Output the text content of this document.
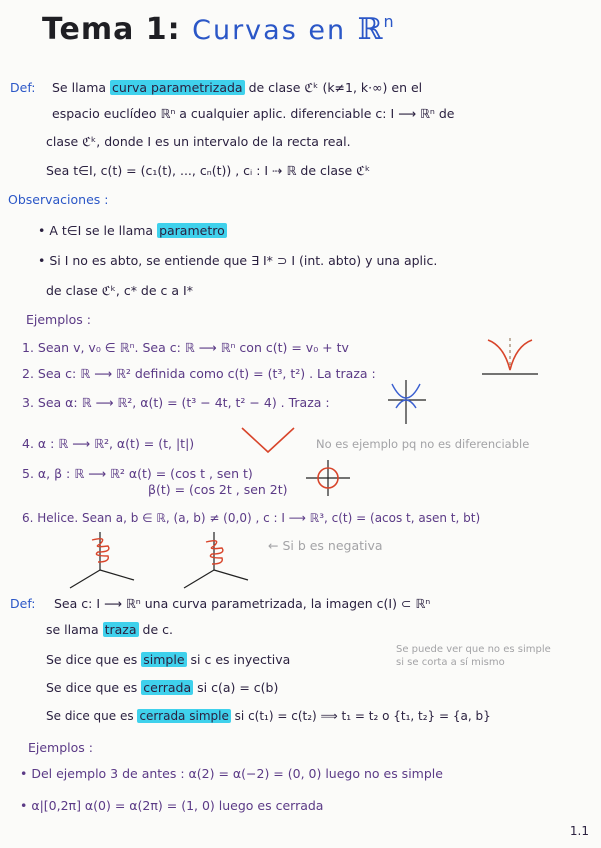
Tema 1: Curvas en ℝ$^n$
Def: Se llama curva parametrizada de clase ℭᵏ (k≠1, k·∞) en el
espacio euclídeo ℝⁿ a cualquier aplic. diferenciable c: I ⟶ ℝⁿ de
clase ℭᵏ, donde I es un intervalo de la recta real.
Sea t∈I, c(t) = (c₁(t), ..., cₙ(t)) , cᵢ : I ⇢ ℝ de clase ℭᵏ
Observaciones :
• A t∈I se le llama parametro
• Si I no es abto, se entiende que ∃ I* ⊃ I (int. abto) y una aplic.
de clase ℭᵏ, c* de c a I*
Ejemplos :
1. Sean v, v₀ ∈ ℝⁿ. Sea c: ℝ ⟶ ℝⁿ con c(t) = v₀ + tv
2. Sea c: ℝ ⟶ ℝ² definida como c(t) = (t³, t²) . La traza :
3. Sea α: ℝ ⟶ ℝ², α(t) = (t³ − 4t, t² − 4) . Traza :
4. α : ℝ ⟶ ℝ², α(t) = (t, |t|)	No es ejemplo pq no es diferenciable
5. α, β : ℝ ⟶ ℝ² α(t) = (cos t , sen t)
β(t) = (cos 2t , sen 2t)
6. Helice. Sean a, b ∈ ℝ, (a, b) ≠ (0,0) , c : I ⟶ ℝ³, c(t) = (acos t, asen t, bt)
← Si b es negativa
Def: Sea c: I ⟶ ℝⁿ una curva parametrizada, la imagen c(I) ⊂ ℝⁿ
se llama traza de c.
Se dice que es simple si c es inyectiva
Se puede ver que no es simple
si se corta a sí mismo
Se dice que es cerrada si c(a) = c(b)
Se dice que es cerrada simple si c(t₁) = c(t₂) ⟹ t₁ = t₂ o {t₁, t₂} = {a, b}
Ejemplos :
• Del ejemplo 3 de antes : α(2) = α(−2) = (0, 0) luego no es simple
• α|[0,2π] α(0) = α(2π) = (1, 0) luego es cerrada
1.1
